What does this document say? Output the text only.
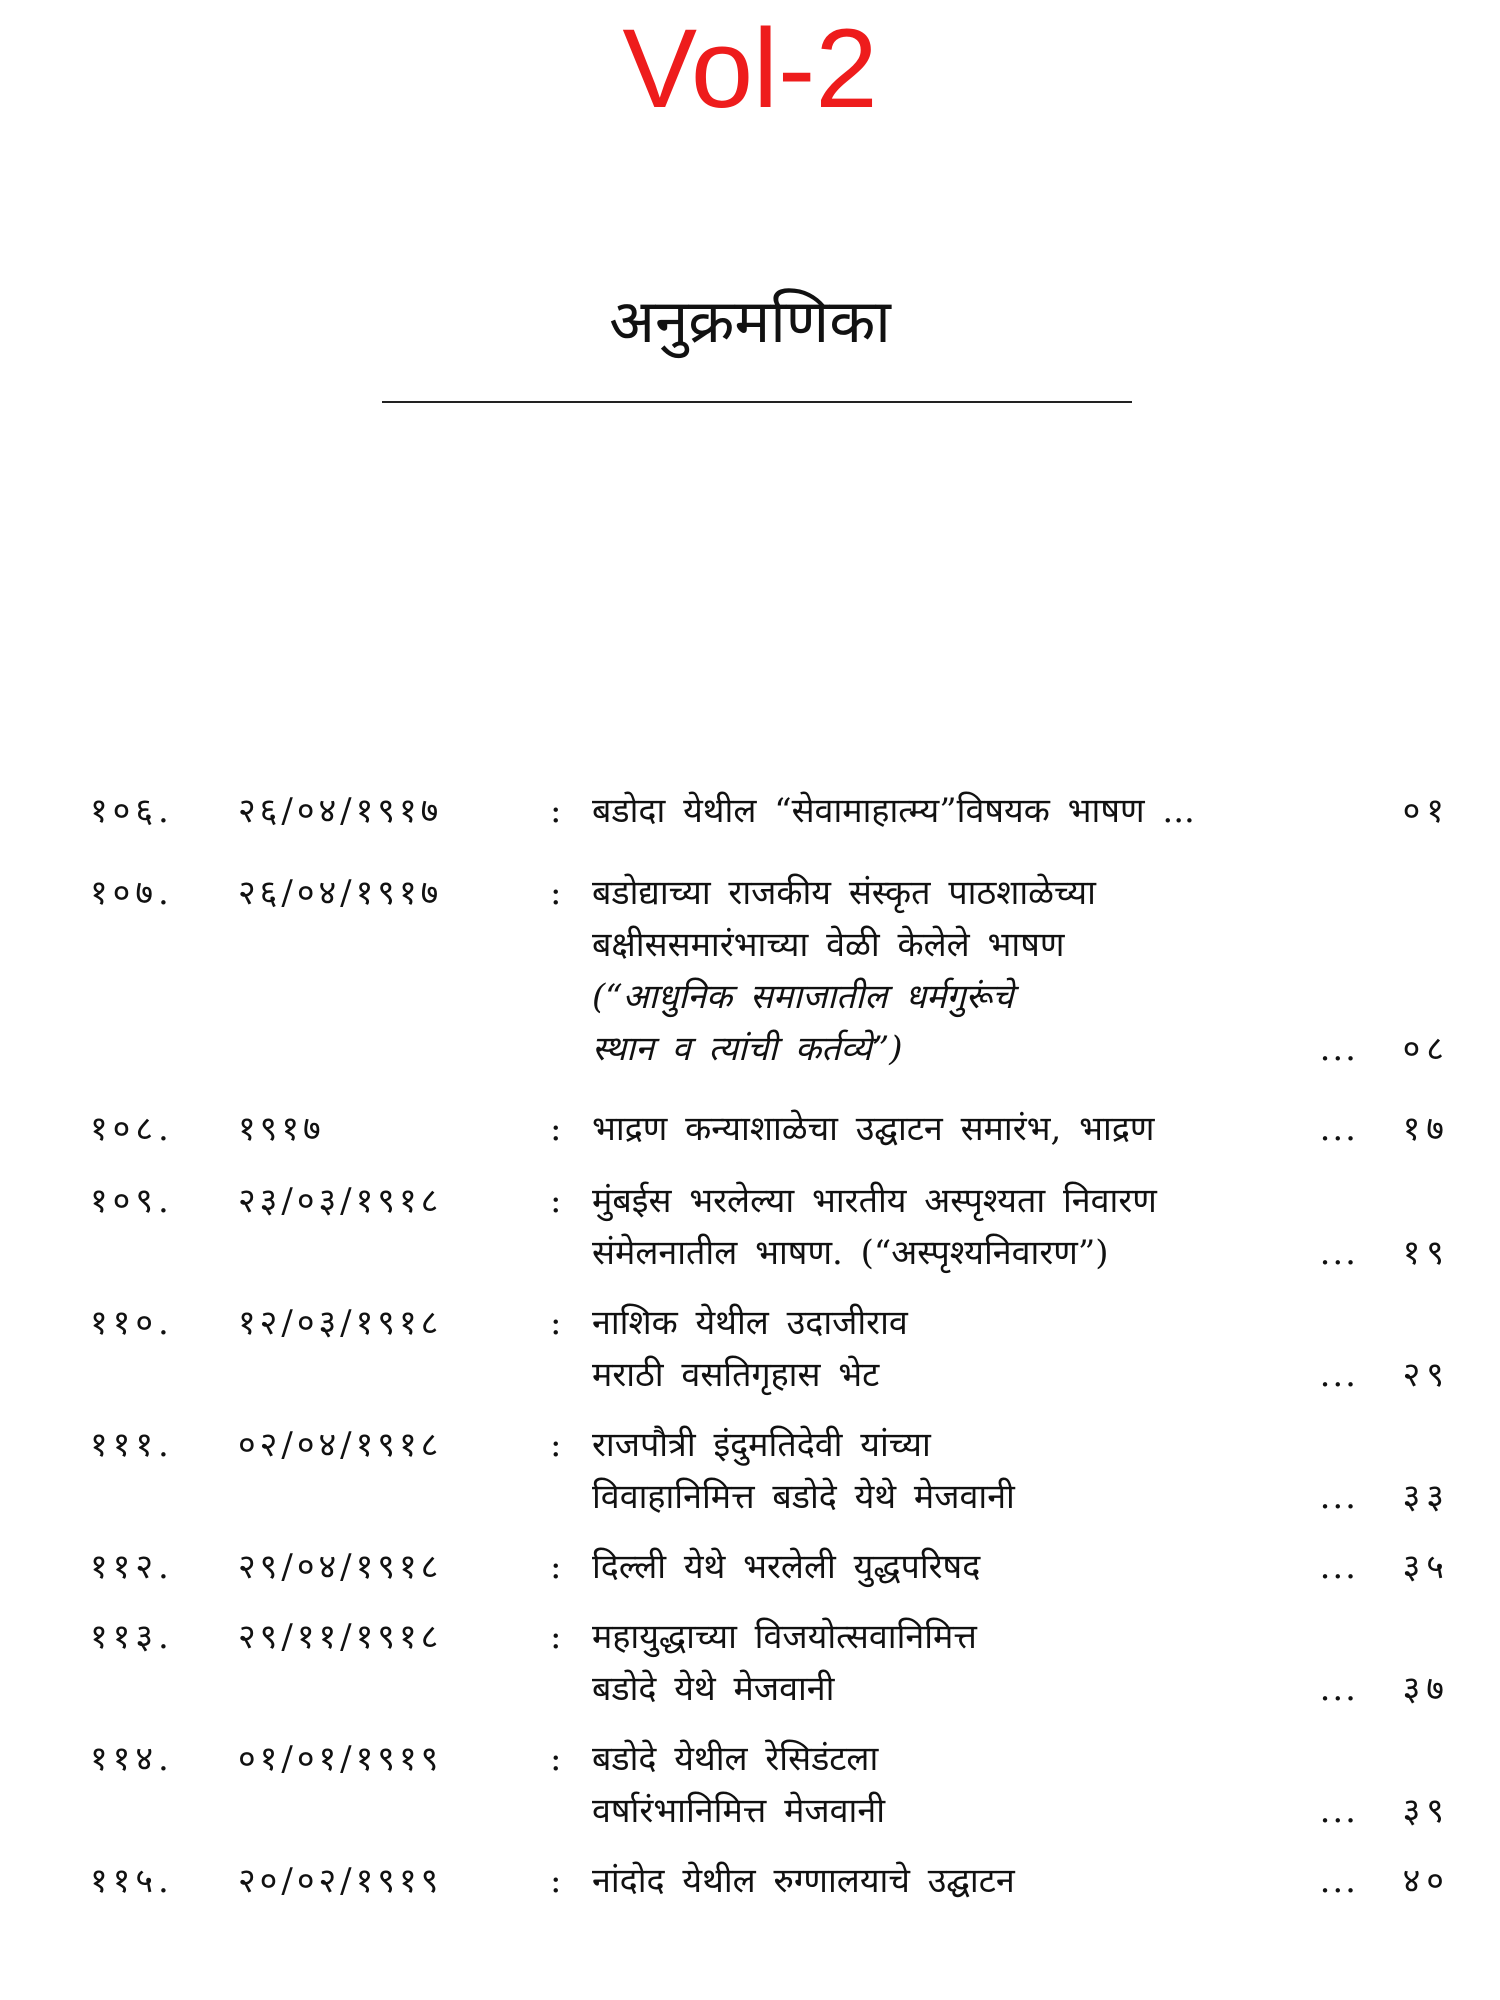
Vol-2
अनुक्रमणिका
१०६. २६/०४/१९१७	: बडोदा येथील “सेवामाहात्म्य”विषयक भाषण ...	०१
१०७. २६/०४/१९१७	: बडोद्याच्या राजकीय संस्कृत पाठशाळेच्या
बक्षीससमारंभाच्या वेळी केलेले भाषण
(“आधुनिक समाजातील धर्मगुरूंचे
स्थान व त्यांची कर्तव्ये”)	... ०८
१०८. १९१७	: भाद्रण कन्याशाळेचा उद्घाटन समारंभ, भाद्रण	... १७
१०९. २३/०३/१९१८	: मुंबईस भरलेल्या भारतीय अस्पृश्यता निवारण
संमेलनातील भाषण. (“अस्पृश्यनिवारण”)	... १९
११०. १२/०३/१९१८	: नाशिक येथील उदाजीराव
मराठी वसतिगृहास भेट	... २९
१११. ०२/०४/१९१८	: राजपौत्री इंदुमतिदेवी यांच्या
विवाहानिमित्त बडोदे येथे मेजवानी	... ३३
११२. २९/०४/१९१८	: दिल्ली येथे भरलेली युद्धपरिषद	... ३५
११३. २९/११/१९१८	: महायुद्धाच्या विजयोत्सवानिमित्त
बडोदे येथे मेजवानी	... ३७
११४. ०१/०१/१९१९	: बडोदे येथील रेसिडंटला
वर्षारंभानिमित्त मेजवानी	... ३९
११५. २०/०२/१९१९	: नांदोद येथील रुग्णालयाचे उद्घाटन	... ४०
